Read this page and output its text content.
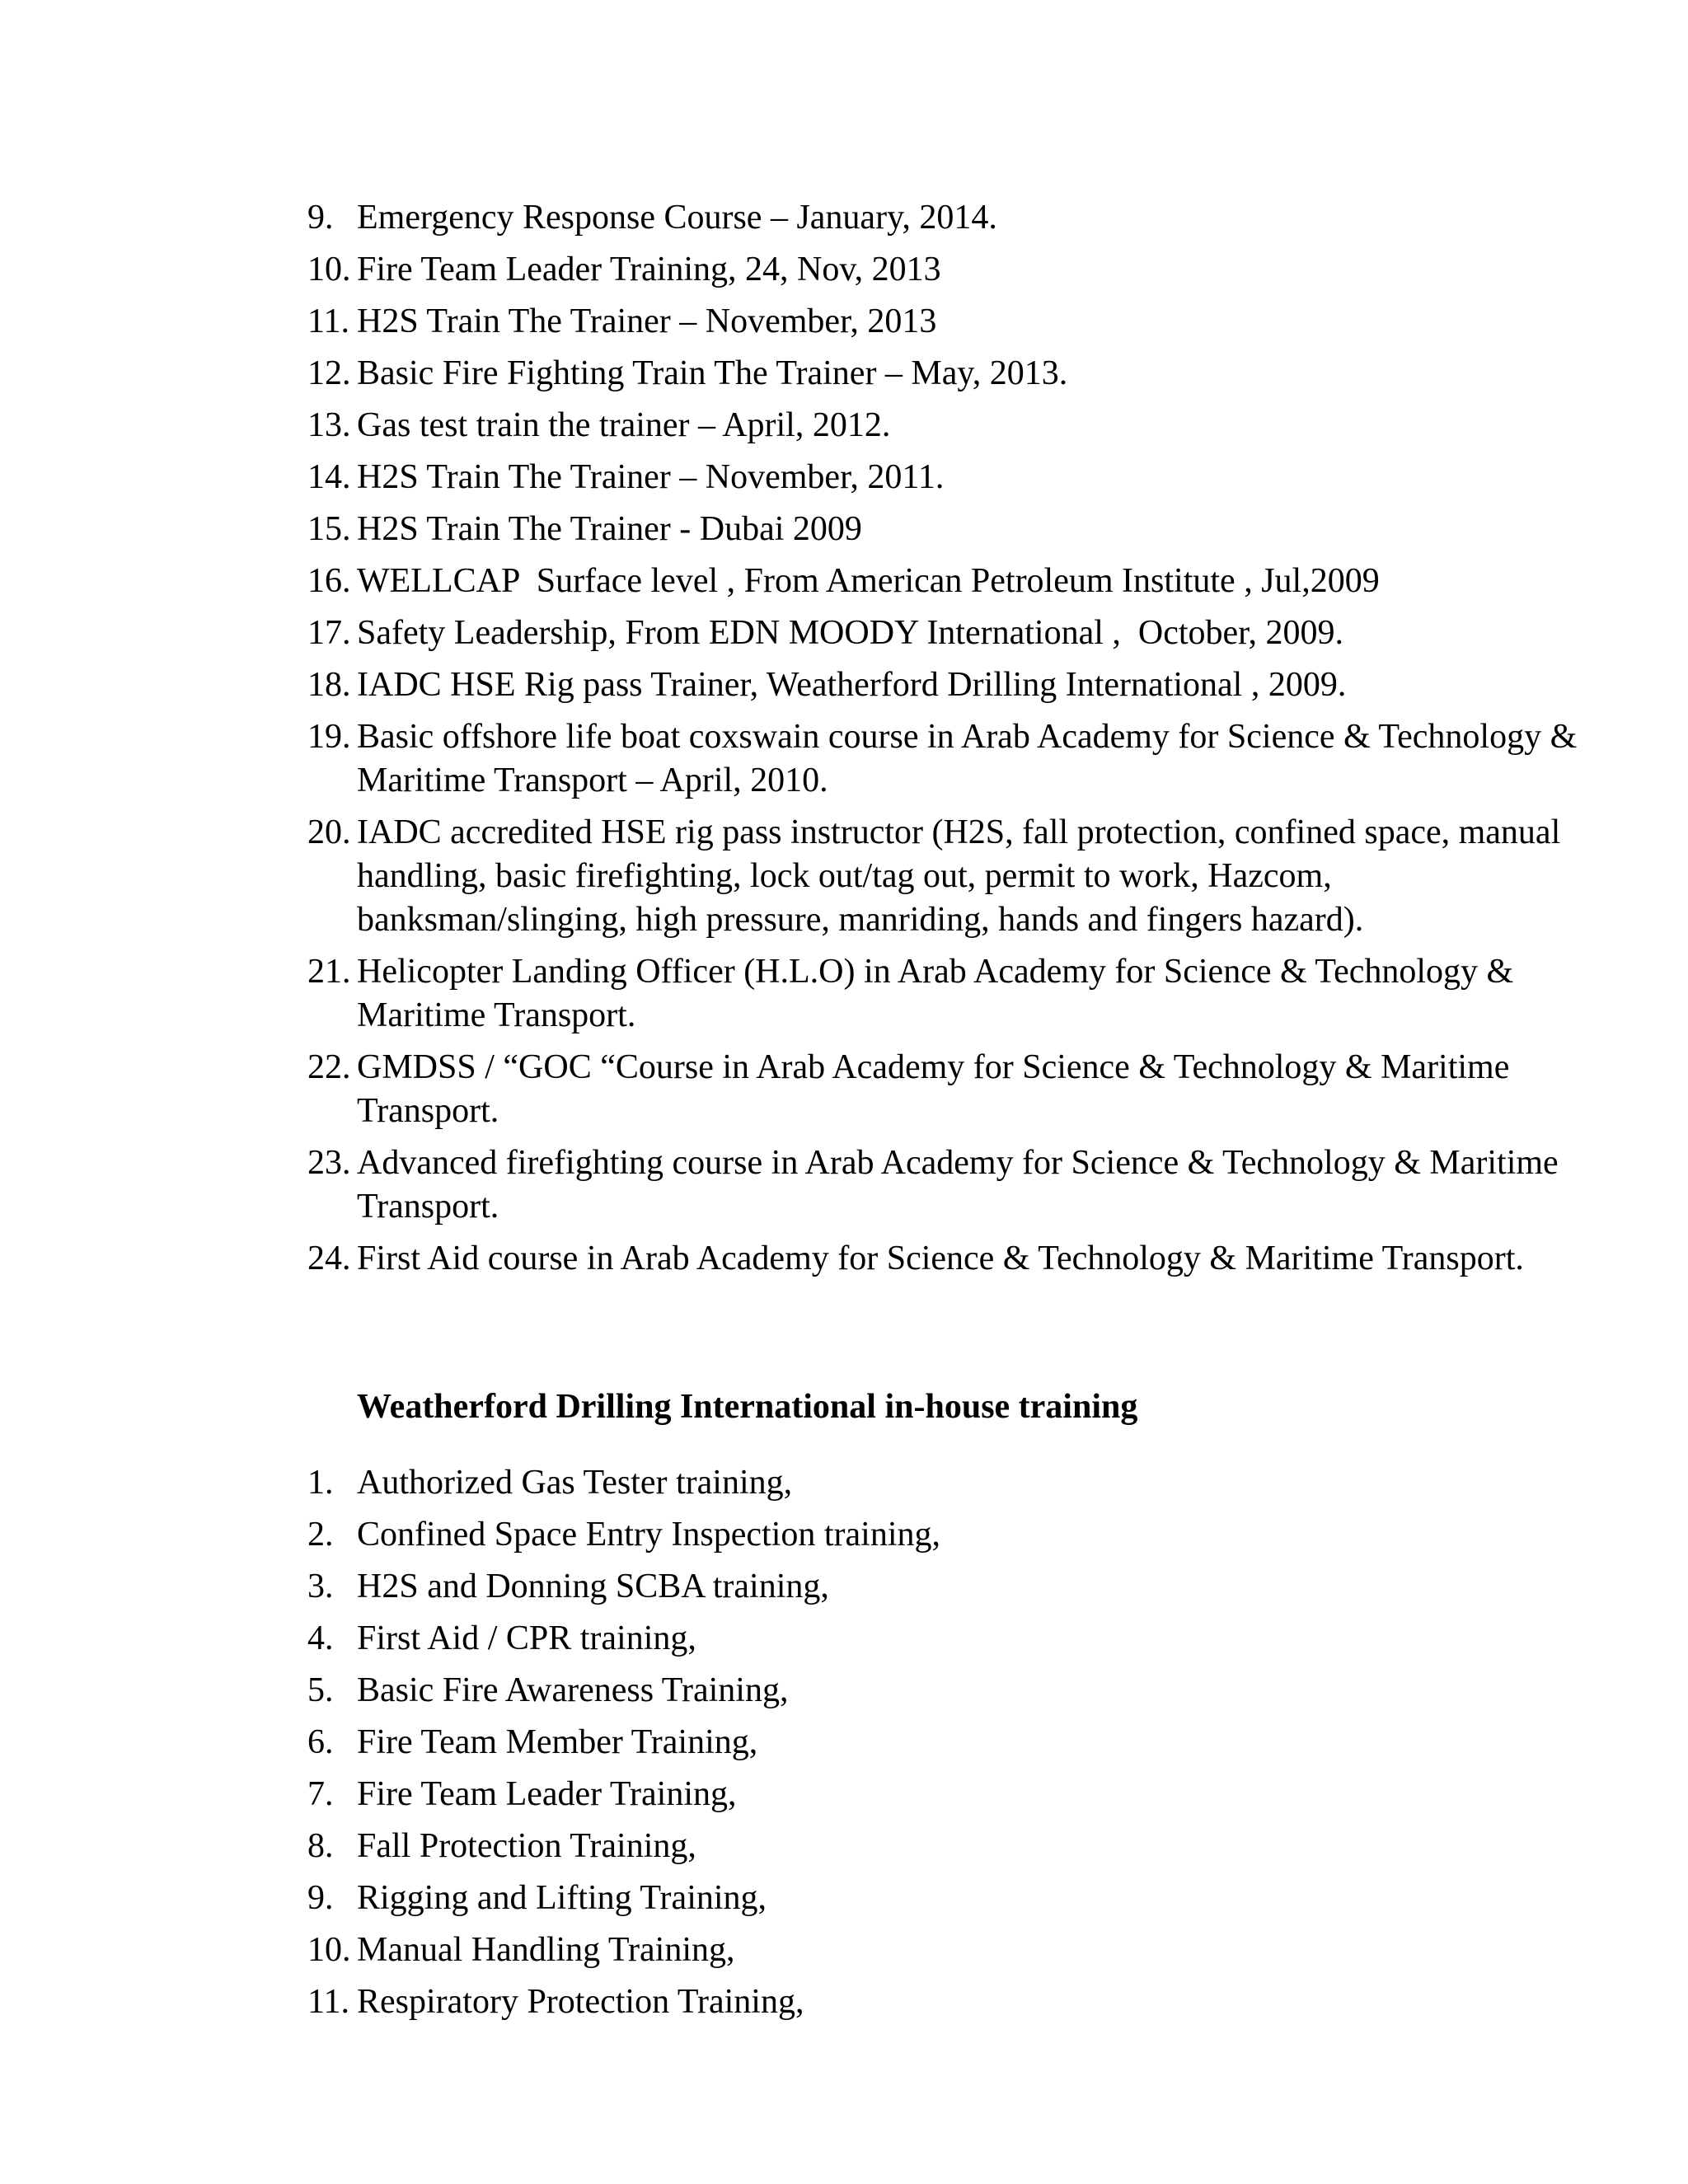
9. Emergency Response Course – January, 2014.
10. Fire Team Leader Training, 24, Nov, 2013
11. H2S Train The Trainer – November, 2013
12. Basic Fire Fighting Train The Trainer – May, 2013.
13. Gas test train the trainer – April, 2012.
14. H2S Train The Trainer – November, 2011.
15. H2S Train The Trainer - Dubai 2009
16. WELLCAP  Surface level , From American Petroleum Institute , Jul,2009
17. Safety Leadership, From EDN MOODY International ,  October, 2009.
18. IADC HSE Rig pass Trainer, Weatherford Drilling International , 2009.
19. Basic offshore life boat coxswain course in Arab Academy for Science & Technology & Maritime Transport – April, 2010.
20. IADC accredited HSE rig pass instructor (H2S, fall protection, confined space, manual handling, basic firefighting, lock out/tag out, permit to work, Hazcom, banksman/slinging, high pressure, manriding, hands and fingers hazard).
21. Helicopter Landing Officer (H.L.O) in Arab Academy for Science & Technology & Maritime Transport.
22. GMDSS / “GOC “Course in Arab Academy for Science & Technology & Maritime Transport.
23. Advanced firefighting course in Arab Academy for Science & Technology & Maritime Transport.
24. First Aid course in Arab Academy for Science & Technology & Maritime Transport.
Weatherford Drilling International in-house training
1. Authorized Gas Tester training,
2. Confined Space Entry Inspection training,
3. H2S and Donning SCBA training,
4. First Aid / CPR training,
5. Basic Fire Awareness Training,
6. Fire Team Member Training,
7. Fire Team Leader Training,
8. Fall Protection Training,
9. Rigging and Lifting Training,
10. Manual Handling Training,
11. Respiratory Protection Training,
